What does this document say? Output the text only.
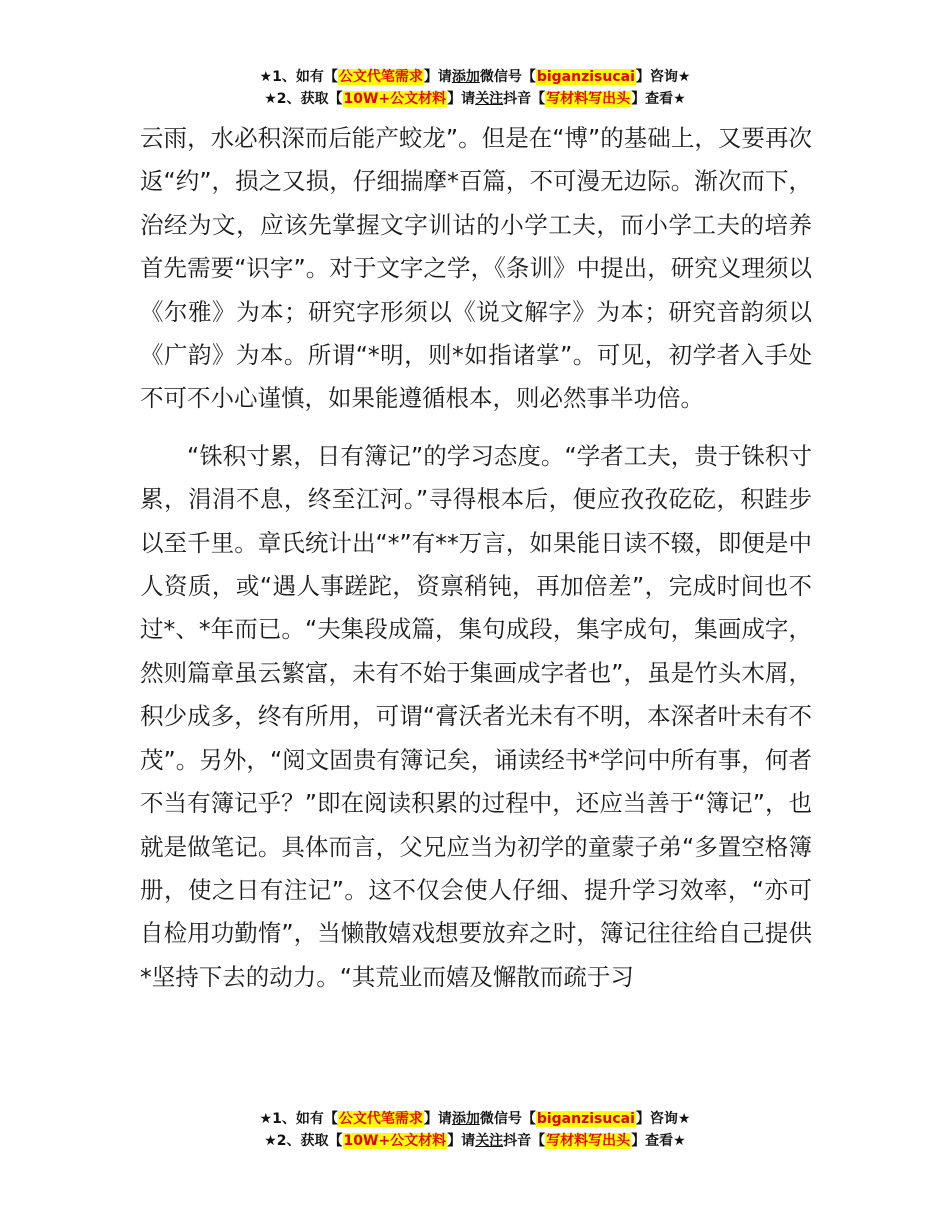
★1、如有【公文代笔需求】请添加微信号【biganzisucai】咨询★
★2、获取【10W+公文材料】请关注抖音【写材料写出头】查看★

云雨，水必积深而后能产蛟龙”。但是在“博”的基础上，又要再次返“约”，损之又损，仔细揣摩*百篇，不可漫无边际。渐次而下，治经为文，应该先掌握文字训诂的小学工夫，而小学工夫的培养首先需要“识字”。对于文字之学，《条训》中提出，研究义理须以《尔雅》为本；研究字形须以《说文解字》为本；研究音韵须以《广韵》为本。所谓“*明，则*如指诸掌”。可见，初学者入手处不可不小心谨慎，如果能遵循根本，则必然事半功倍。

“铢积寸累，日有簿记”的学习态度。“学者工夫，贵于铢积寸累，涓涓不息，终至江河。”寻得根本后，便应孜孜矻矻，积跬步以至千里。章氏统计出“*”有**万言，如果能日读不辍，即便是中人资质，或“遇人事蹉跎，资禀稍钝，再加倍差”，完成时间也不过*、*年而已。“夫集段成篇，集句成段，集字成句，集画成字，然则篇章虽云繁富，未有不始于集画成字者也”，虽是竹头木屑，积少成多，终有所用，可谓“膏沃者光未有不明，本深者叶未有不茂”。另外，“阅文固贵有簿记矣，诵读经书*学问中所有事，何者不当有簿记乎？”即在阅读积累的过程中，还应当善于“簿记”，也就是做笔记。具体而言，父兄应当为初学的童蒙子弟“多置空格簿册，使之日有注记”。这不仅会使人仔细、提升学习效率，“亦可自检用功勤惰”，当懒散嬉戏想要放弃之时，簿记往往给自己提供*坚持下去的动力。“其荒业而嬉及懈散而疏于习

★1、如有【公文代笔需求】请添加微信号【biganzisucai】咨询★
★2、获取【10W+公文材料】请关注抖音【写材料写出头】查看★
